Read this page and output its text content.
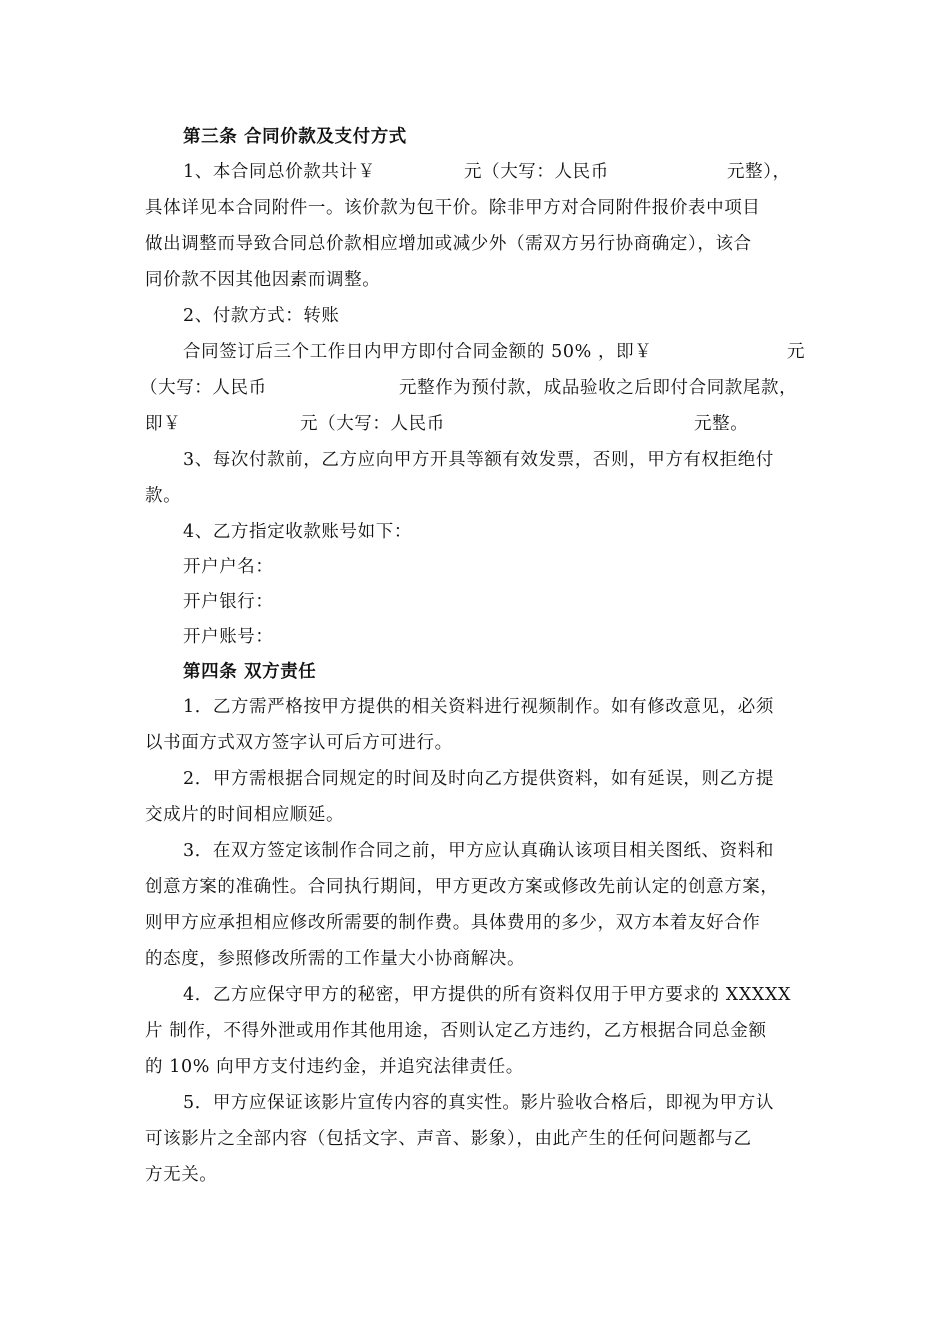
第三条 合同价款及支付方式
1、本合同总价款共计￥	元（大写：人民币	元整），
具体详见本合同附件一。该价款为包干价。除非甲方对合同附件报价表中项目
做出调整而导致合同总价款相应增加或减少外（需双方另行协商确定），该合
同价款不因其他因素而调整。
2、付款方式：转账
合同签订后三个工作日内甲方即付合同金额的 50% ，即￥	元
（大写：人民币	元整作为预付款，成品验收之后即付合同款尾款，
即￥	元（大写：人民币	元整。
3、每次付款前，乙方应向甲方开具等额有效发票，否则，甲方有权拒绝付
款。
4、乙方指定收款账号如下：
开户户名：
开户银行：
开户账号：
第四条 双方责任
1．乙方需严格按甲方提供的相关资料进行视频制作。如有修改意见，必须
以书面方式双方签字认可后方可进行。
2．甲方需根据合同规定的时间及时向乙方提供资料，如有延误，则乙方提
交成片的时间相应顺延。
3．在双方签定该制作合同之前，甲方应认真确认该项目相关图纸、资料和
创意方案的准确性。合同执行期间，甲方更改方案或修改先前认定的创意方案，
则甲方应承担相应修改所需要的制作费。具体费用的多少，双方本着友好合作
的态度，参照修改所需的工作量大小协商解决。
4．乙方应保守甲方的秘密，甲方提供的所有资料仅用于甲方要求的 XXXXX
片 制作，不得外泄或用作其他用途，否则认定乙方违约，乙方根据合同总金额
的 10% 向甲方支付违约金，并追究法律责任。
5．甲方应保证该影片宣传内容的真实性。影片验收合格后，即视为甲方认
可该影片之全部内容（包括文字、声音、影象），由此产生的任何问题都与乙
方无关。
